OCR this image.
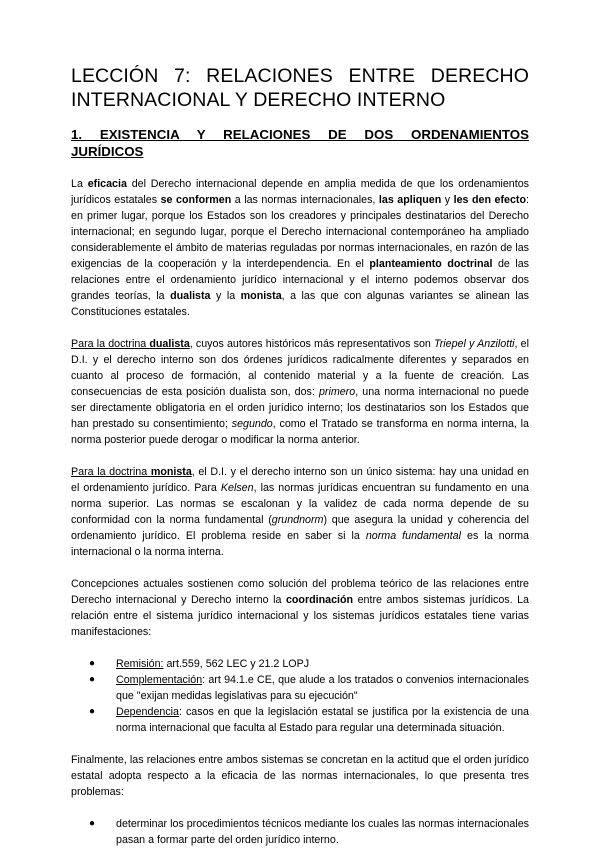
LECCIÓN 7: RELACIONES ENTRE DERECHO
INTERNACIONAL Y DERECHO INTERNO
1. EXISTENCIA Y RELACIONES DE DOS ORDENAMIENTOS
JURÍDICOS

La eficacia del Derecho internacional depende en amplia medida de que los ordenamientos jurídicos estatales se conformen a las normas internacionales, las apliquen y les den efecto: en primer lugar, porque los Estados son los creadores y principales destinatarios del Derecho internacional; en segundo lugar, porque el Derecho internacional contemporáneo ha ampliado considerablemente el ámbito de materias reguladas por normas internacionales, en razón de las exigencias de la cooperación y la interdependencia. En el planteamiento doctrinal de las relaciones entre el ordenamiento jurídico internacional y el interno podemos observar dos grandes teorías, la dualista y la monista, a las que con algunas variantes se alinean las Constituciones estatales.

Para la doctrina dualista, cuyos autores históricos más representativos son Triepel y Anzilotti, el D.I. y el derecho interno son dos órdenes jurídicos radicalmente diferentes y separados en cuanto al proceso de formación, al contenido material y a la fuente de creación. Las consecuencias de esta posición dualista son, dos: primero, una norma internacional no puede ser directamente obligatoria en el orden jurídico interno; los destinatarios son los Estados que han prestado su consentimiento; segundo, como el Tratado se transforma en norma interna, la norma posterior puede derogar o modificar la norma anterior.

Para la doctrina monista, el D.I. y el derecho interno son un único sistema: hay una unidad en el ordenamiento jurídico. Para Kelsen, las normas jurídicas encuentran su fundamento en una norma superior. Las normas se escalonan y la validez de cada norma depende de su conformidad con la norma fundamental (grundnorm) que asegura la unidad y coherencia del ordenamiento jurídico. El problema reside en saber si la norma fundamental es la norma internacional o la norma interna.

Concepciones actuales sostienen como solución del problema teórico de las relaciones entre Derecho internacional y Derecho interno la coordinación entre ambos sistemas jurídicos. La relación entre el sistema jurídico internacional y los sistemas jurídicos estatales tiene varias manifestaciones:

● Remisión: art.559, 562 LEC y 21.2 LOPJ
● Complementación: art 94.1.e CE, que alude a los tratados o convenios internacionales que "exijan medidas legislativas para su ejecución"
● Dependencia: casos en que la legislación estatal se justifica por la existencia de una norma internacional que faculta al Estado para regular una determinada situación.

Finalmente, las relaciones entre ambos sistemas se concretan en la actitud que el orden jurídico estatal adopta respecto a la eficacia de las normas internacionales, lo que presenta tres problemas:

● determinar los procedimientos técnicos mediante los cuales las normas internacionales pasan a formar parte del orden jurídico interno.
